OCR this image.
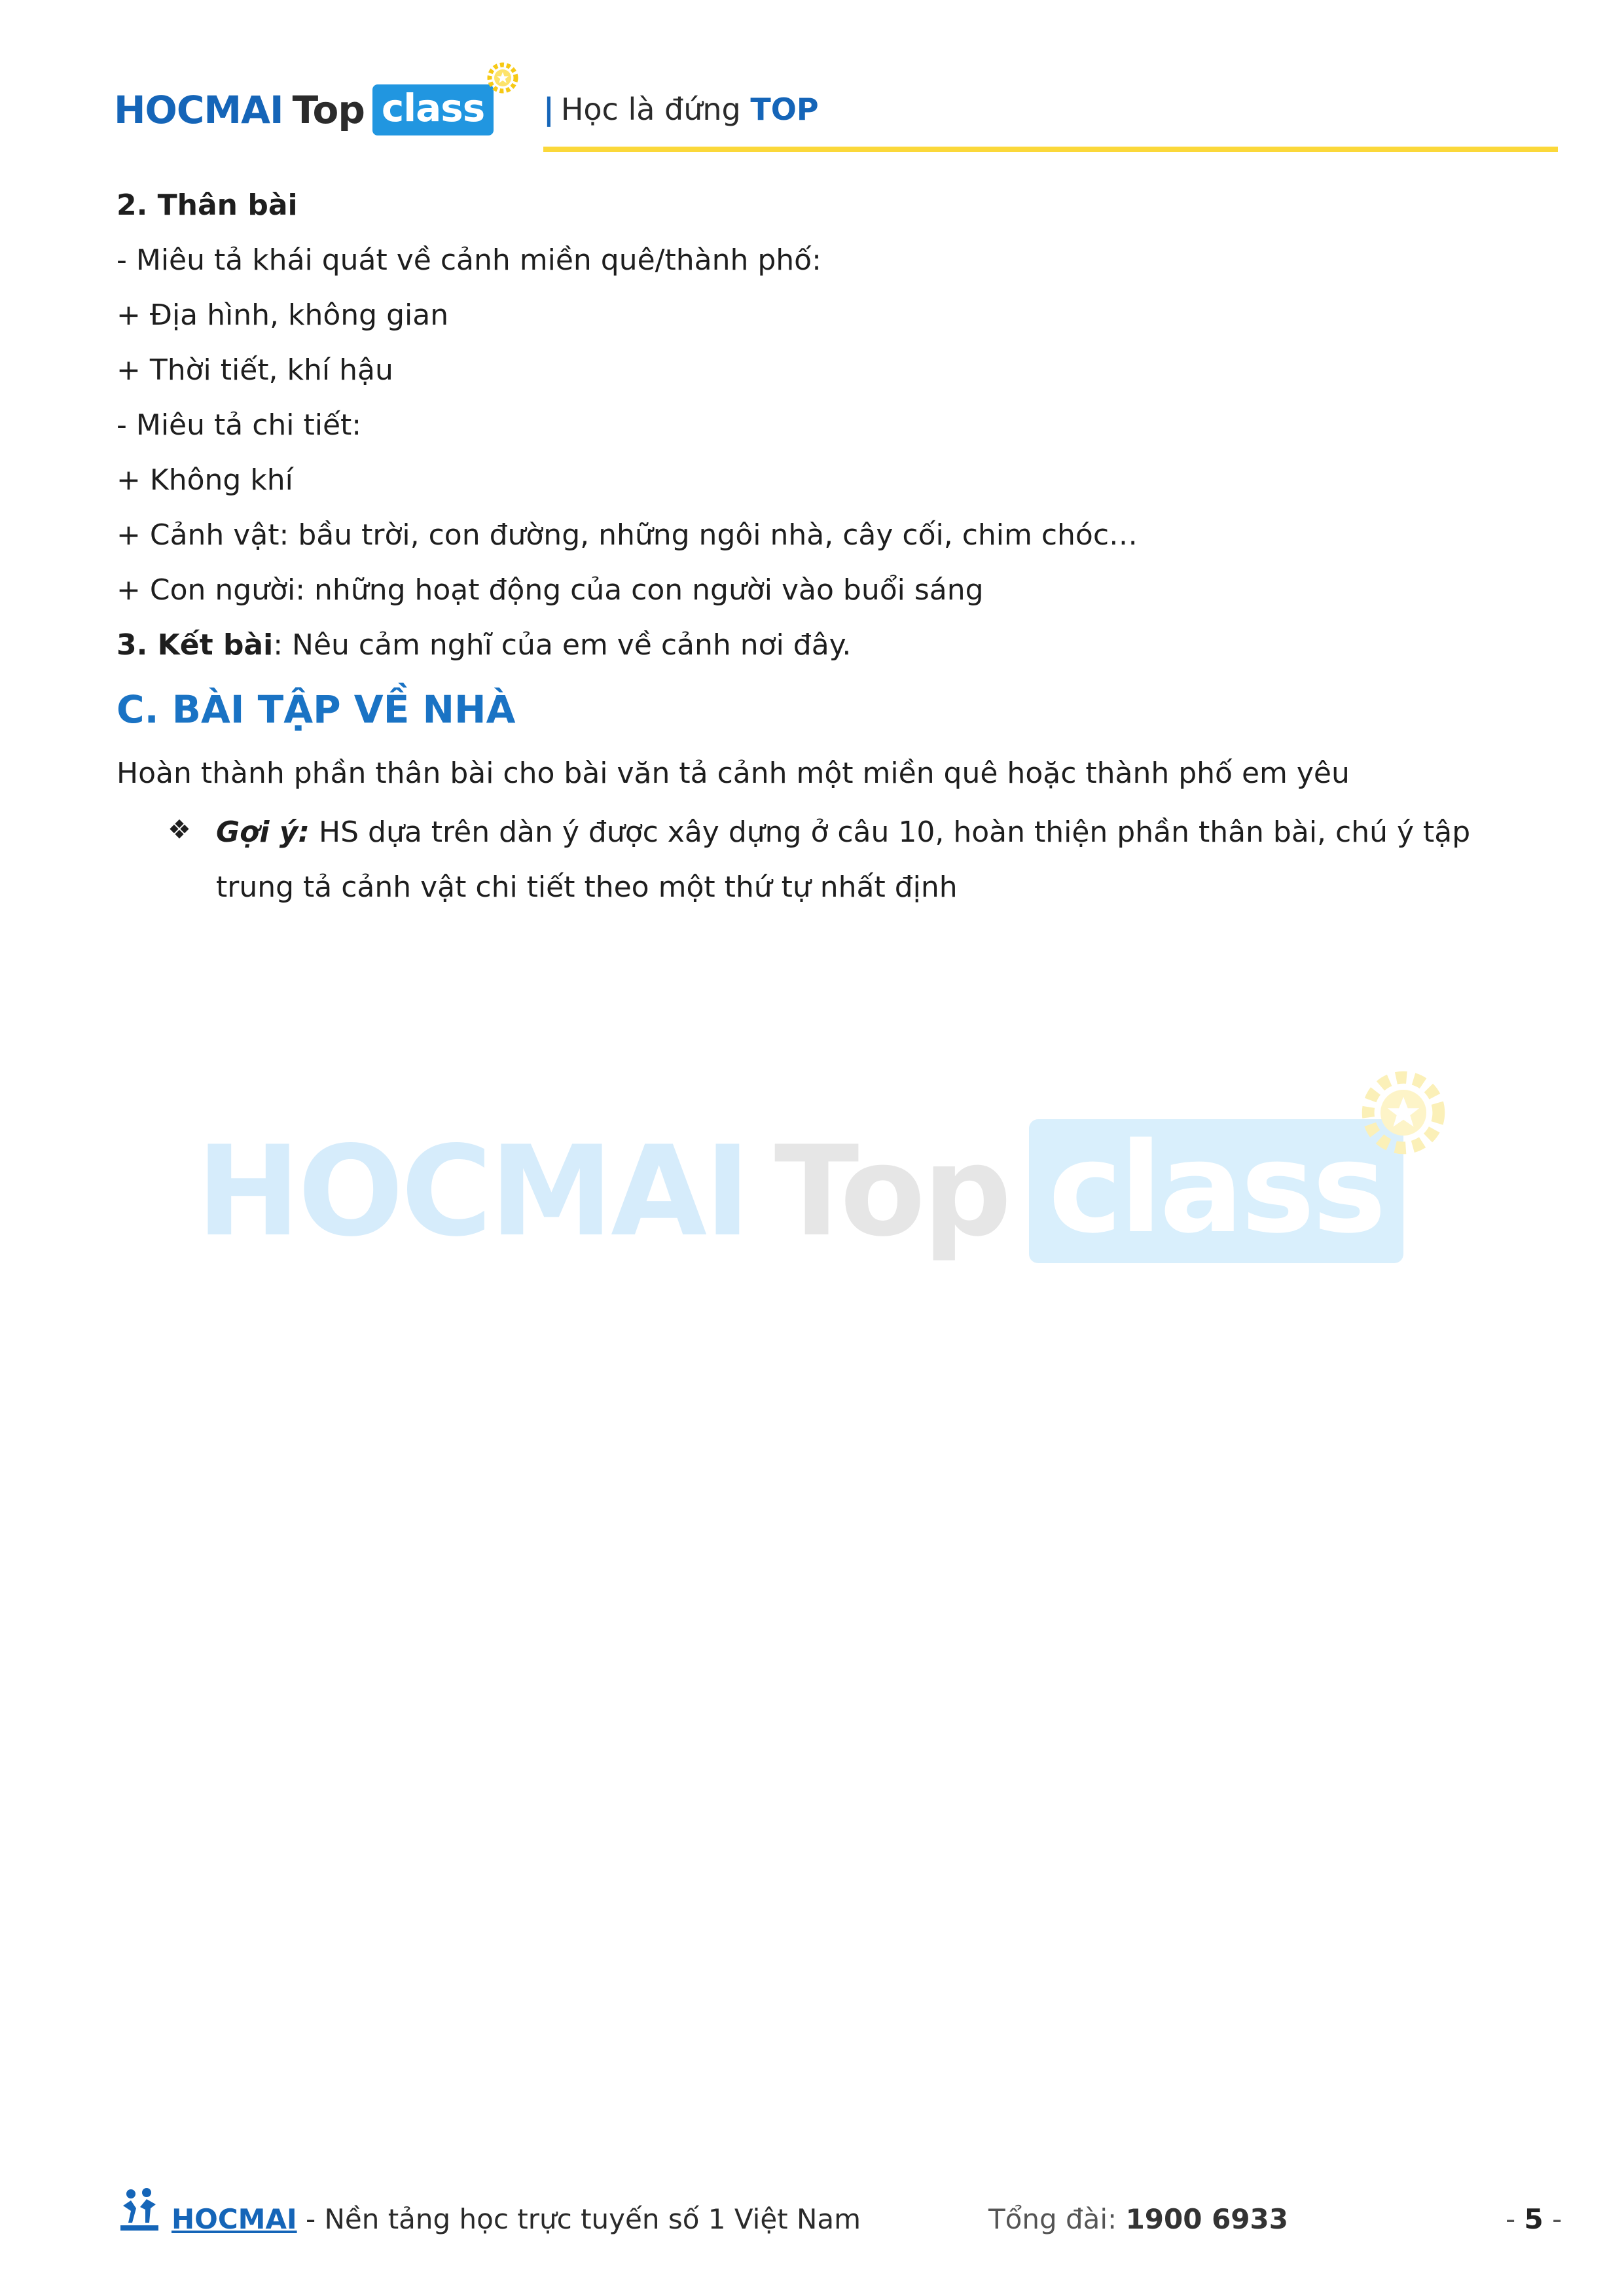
HOCMAI Top class | Học là đứng TOP
2. Thân bài
- Miêu tả khái quát về cảnh miền quê/thành phố:
+ Địa hình, không gian
+ Thời tiết, khí hậu
- Miêu tả chi tiết:
+ Không khí
+ Cảnh vật: bầu trời, con đường, những ngôi nhà, cây cối, chim chóc…
+ Con người: những hoạt động của con người vào buổi sáng
3. Kết bài: Nêu cảm nghĩ của em về cảnh nơi đây.
C. BÀI TẬP VỀ NHÀ
Hoàn thành phần thân bài cho bài văn tả cảnh một miền quê hoặc thành phố em yêu
❖ Gợi ý: HS dựa trên dàn ý được xây dựng ở câu 10, hoàn thiện phần thân bài, chú ý tập
trung tả cảnh vật chi tiết theo một thứ tự nhất định
HOCMAI Top class
HOCMAI - Nền tảng học trực tuyến số 1 Việt Nam	Tổng đài: 1900 6933	- 5 -
